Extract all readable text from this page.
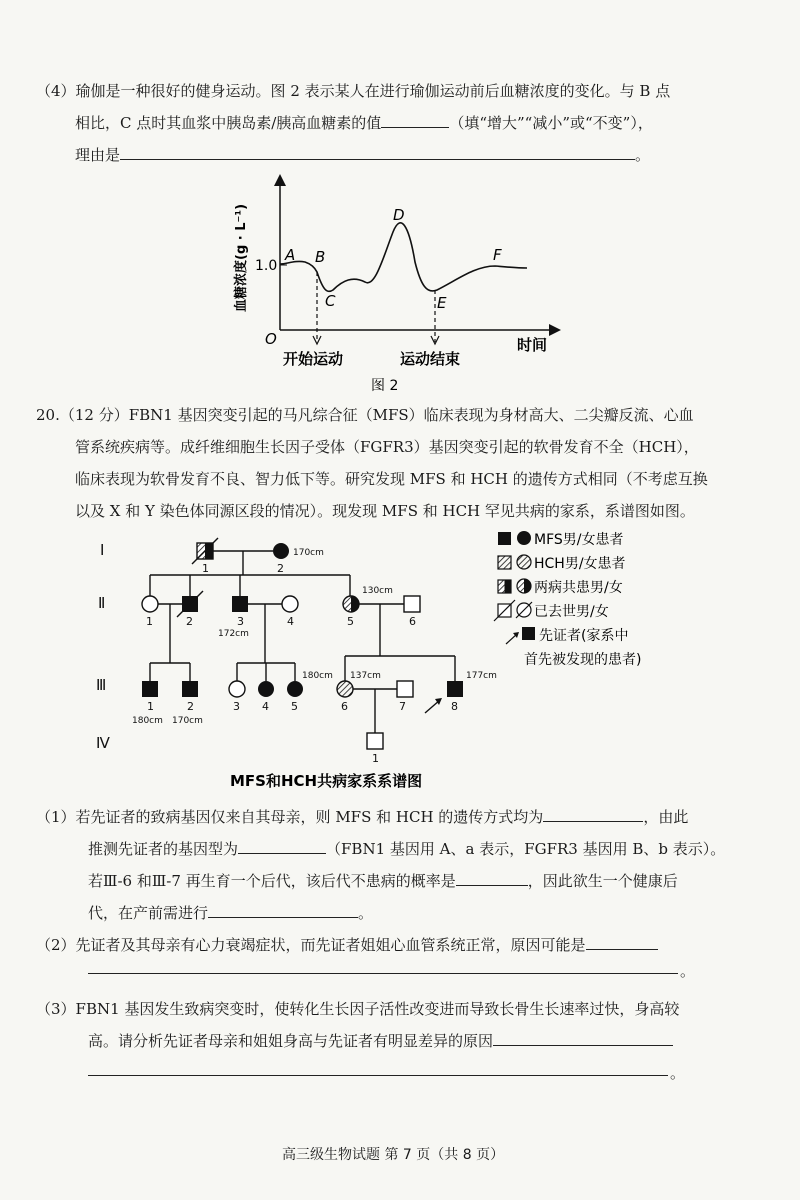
（4）瑜伽是一种很好的健身运动。图 2 表示某人在进行瑜伽运动前后血糖浓度的变化。与 B 点
相比，C 点时其血浆中胰岛素/胰高血糖素的值	（填“增大”“减小”或“不变”），
理由是	。
A B
C
D
E
F
1.0
O
血糖浓度(g · L⁻¹)
时间
开始运动	运动结束
图 2
20.（12 分）FBN1 基因突变引起的马凡综合征（MFS）临床表现为身材高大、二尖瓣反流、心血
管系统疾病等。成纤维细胞生长因子受体（FGFR3）基因突变引起的软骨发育不全（HCH），
临床表现为软骨发育不良、智力低下等。研究发现 MFS 和 HCH 的遗传方式相同（不考虑互换
以及 X 和 Y 染色体同源区段的情况）。现发现 MFS 和 HCH 罕见共病的家系，系谱图如图。
Ⅰ
Ⅱ
Ⅲ
Ⅳ
1	2
170cm
1	2	3
172cm
4	5
130cm
6
1
180cm
2
170cm
3 4 5
180cm
6
137cm
7	8
177cm
1
MFS男/女患者
HCH男/女患者
两病共患男/女
已去世男/女
先证者(家系中
首先被发现的患者)
MFS和HCH共病家系系谱图
（1）若先证者的致病基因仅来自其母亲，则 MFS 和 HCH 的遗传方式均为	，由此
推测先证者的基因型为	（FBN1 基因用 A、a 表示，FGFR3 基因用 B、b 表示）。
若Ⅲ-6 和Ⅲ-7 再生育一个后代，该后代不患病的概率是	，因此欲生一个健康后
代，在产前需进行	。
（2）先证者及其母亲有心力衰竭症状，而先证者姐姐心血管系统正常，原因可能是
。
（3）FBN1 基因发生致病突变时，使转化生长因子活性改变进而导致长骨生长速率过快，身高较
高。请分析先证者母亲和姐姐身高与先证者有明显差异的原因
。
高三级生物试题 第 7 页（共 8 页）
